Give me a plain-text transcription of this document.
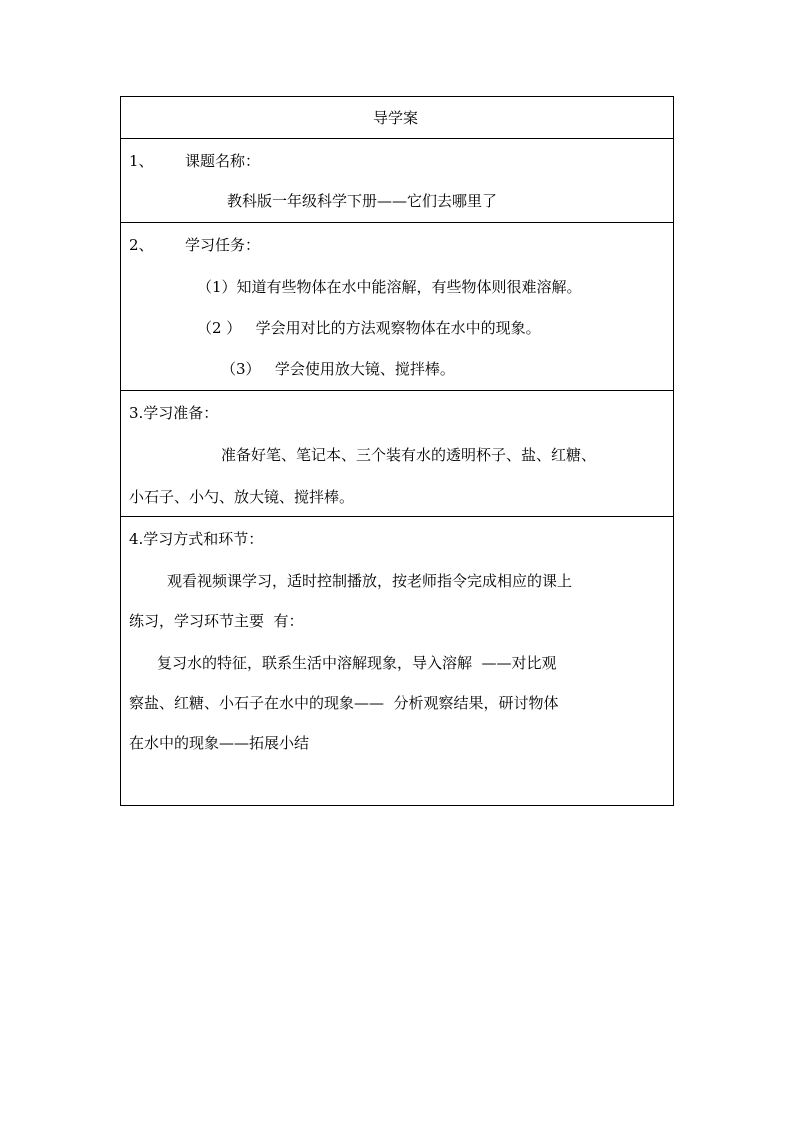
导学案
1、 课题名称：
教科版一年级科学下册——它们去哪里了
2、 学习任务：
（1）知道有些物体在水中能溶解，有些物体则很难溶解。
（2 ）   学会用对比的方法观察物体在水中的现象。
（3）   学会使用放大镜、搅拌棒。
3.学习准备：
准备好笔、笔记本、三个装有水的透明杯子、盐、红糖、
小石子、小勺、放大镜、搅拌棒。
4.学习方式和环节：
观看视频课学习，适时控制播放，按老师指令完成相应的课上
练习，学习环节主要  有：
复习水的特征，联系生活中溶解现象，导入溶解  ——对比观
察盐、红糖、小石子在水中的现象——  分析观察结果，研讨物体
在水中的现象——拓展小结
